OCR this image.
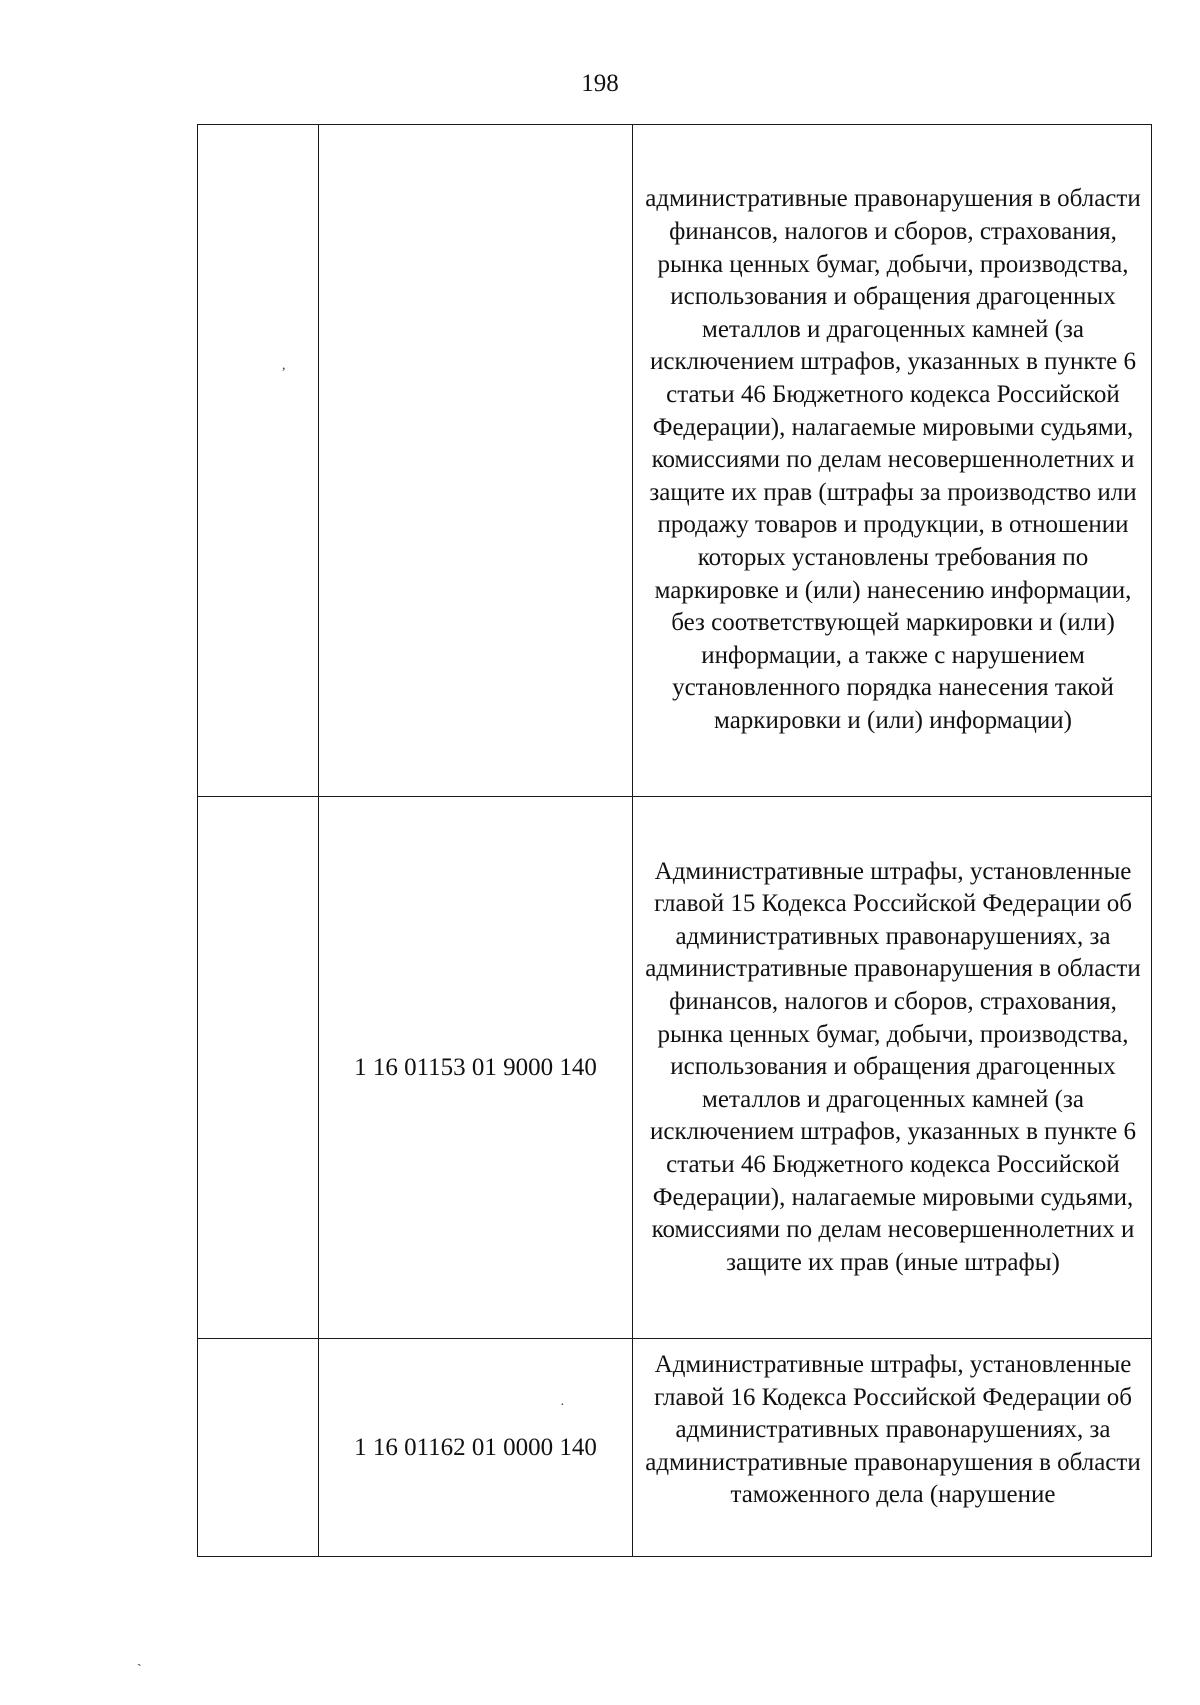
198
		административные правонарушения в области финансов, налогов и сборов, страхования, рынка ценных бумаг, добычи, производства, использования и обращения драгоценных металлов и драгоценных камней (за исключением штрафов, указанных в пункте 6 статьи 46 Бюджетного кодекса Российской Федерации), налагаемые мировыми судьями, комиссиями по делам несовершеннолетних и защите их прав (штрафы за производство или продажу товаров и продукции, в отношении которых установлены требования по маркировке и (или) нанесению информации, без соответствующей маркировки и (или) информации, а также с нарушением установленного порядка нанесения такой маркировки и (или) информации)
	1 16 01153 01 9000 140	Административные штрафы, установленные главой 15 Кодекса Российской Федерации об административных правонарушениях, за административные правонарушения в области финансов, налогов и сборов, страхования, рынка ценных бумаг, добычи, производства, использования и обращения драгоценных металлов и драгоценных камней (за исключением штрафов, указанных в пункте 6 статьи 46 Бюджетного кодекса Российской Федерации), налагаемые мировыми судьями, комиссиями по делам несовершеннолетних и защите их прав (иные штрафы)
	1 16 01162 01 0000 140	Административные штрафы, установленные главой 16 Кодекса Российской Федерации об административных правонарушениях, за административные правонарушения в области таможенного дела (нарушение
,
·
ˎ
